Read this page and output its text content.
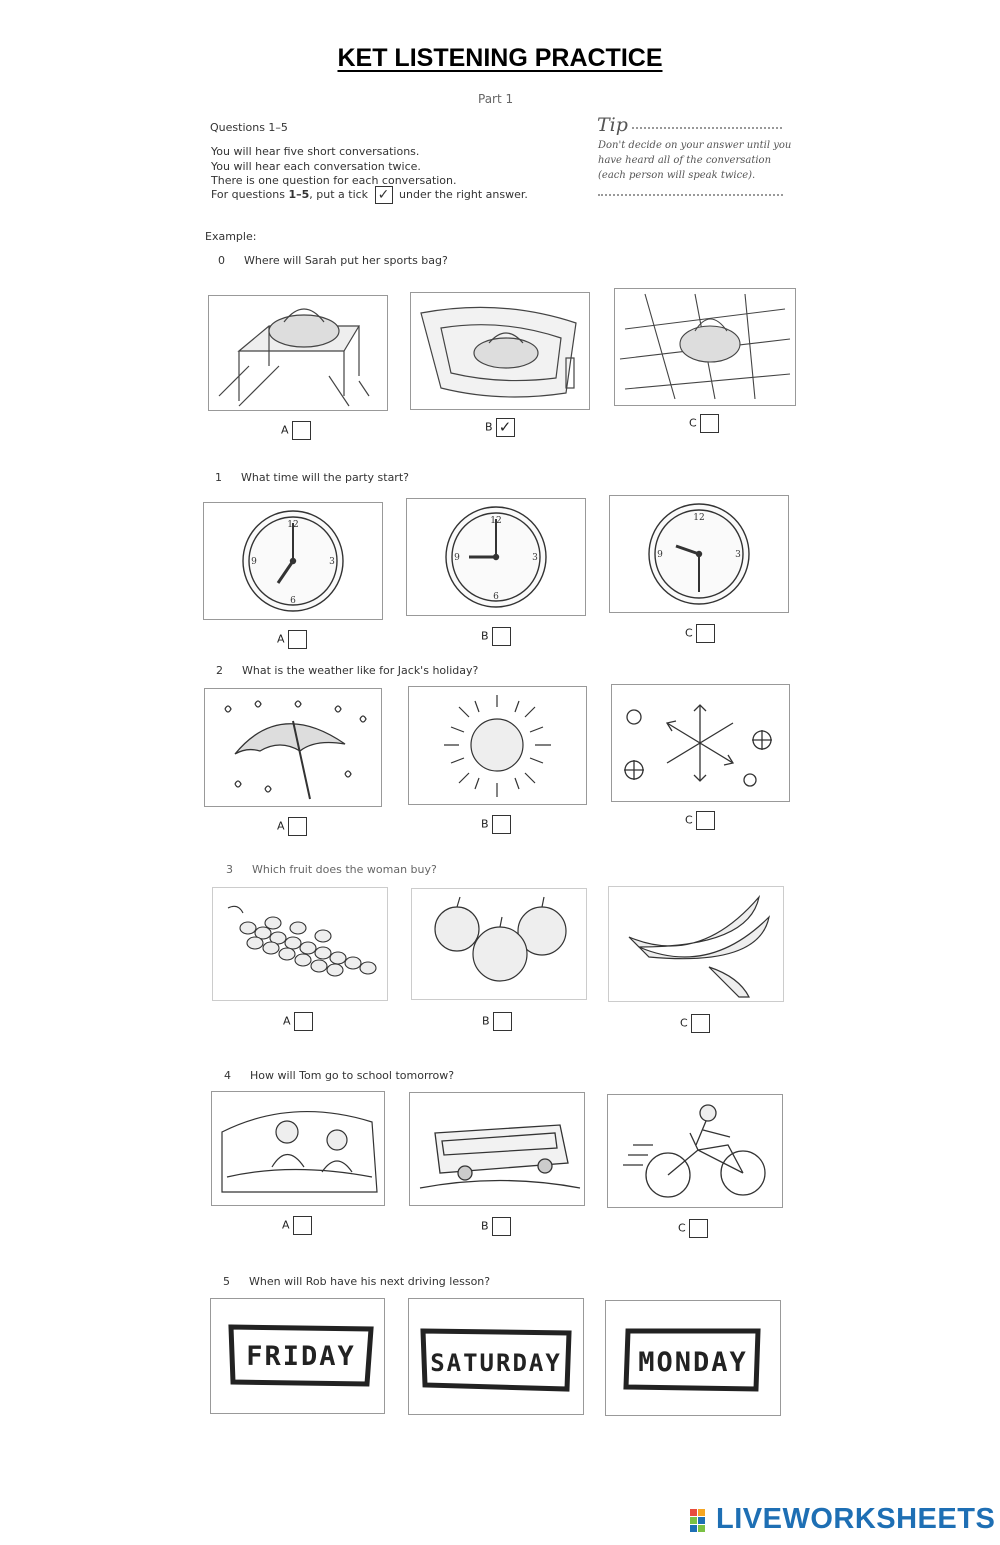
KET LISTENING PRACTICE
Part 1
Questions 1–5
You will hear five short conversations.
You will hear each conversation twice.
There is one question for each conversation.
For questions 1–5, put a tick ✓ under the right answer.
Tip
Don't decide on your answer until you
have heard all of the conversation
(each person will speak twice).
Example:
0 Where will Sarah put her sports bag?
A	B ✓	C
1 What time will the party start?
12
6
3
9
12
6
3
9
12
3
9
A	B	C
2 What is the weather like for Jack's holiday?
A	B	C
3 Which fruit does the woman buy?
A	B	C
4 How will Tom go to school tomorrow?
A	B	C
5 When will Rob have his next driving lesson?
FRIDAY	SATURDAY	MONDAY
LIVEWORKSHEETS
